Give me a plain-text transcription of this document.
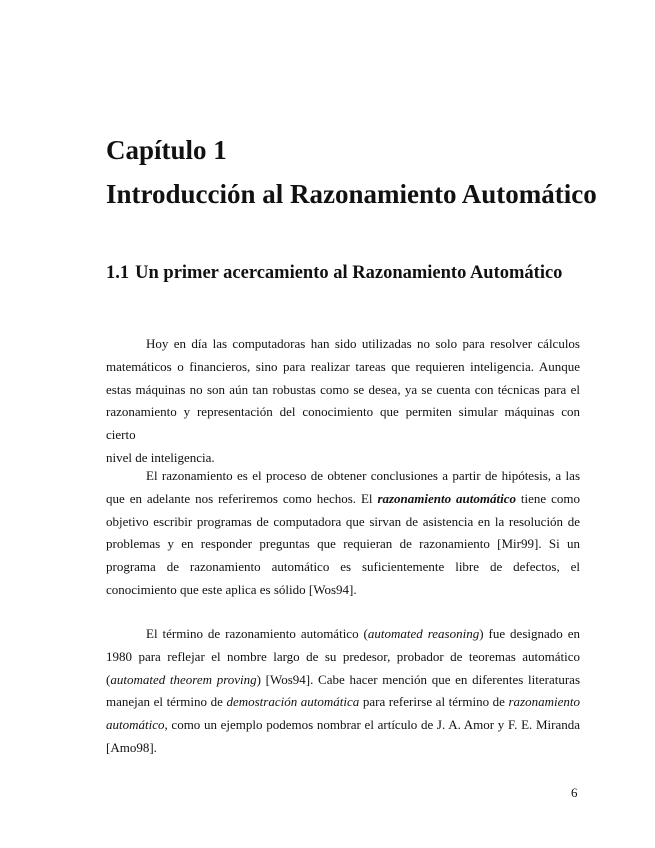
Capítulo 1
Introducción al Razonamiento Automático
1.1 Un primer acercamiento al Razonamiento Automático

Hoy en día las computadoras han sido utilizadas no solo para resolver cálculos
matemáticos o financieros, sino para realizar tareas que requieren inteligencia. Aunque
estas máquinas no son aún tan robustas como se desea, ya se cuenta con técnicas para el
razonamiento y representación del conocimiento que permiten simular máquinas con cierto
nivel de inteligencia.

El razonamiento es el proceso de obtener conclusiones a partir de hipótesis, a las
que en adelante nos referiremos como hechos. El razonamiento automático tiene como
objetivo escribir programas de computadora que sirvan de asistencia en la resolución de
problemas y en responder preguntas que requieran de razonamiento [Mir99]. Si un
programa de razonamiento automático es suficientemente libre de defectos, el
conocimiento que este aplica es sólido [Wos94].

El término de razonamiento automático (automated reasoning) fue designado en
1980 para reflejar el nombre largo de su predesor, probador de teoremas automático
(automated theorem proving) [Wos94]. Cabe hacer mención que en diferentes literaturas
manejan el término de demostración automática para referirse al término de razonamiento
automático, como un ejemplo podemos nombrar el artículo de J. A. Amor y F. E. Miranda
[Amo98].

6
